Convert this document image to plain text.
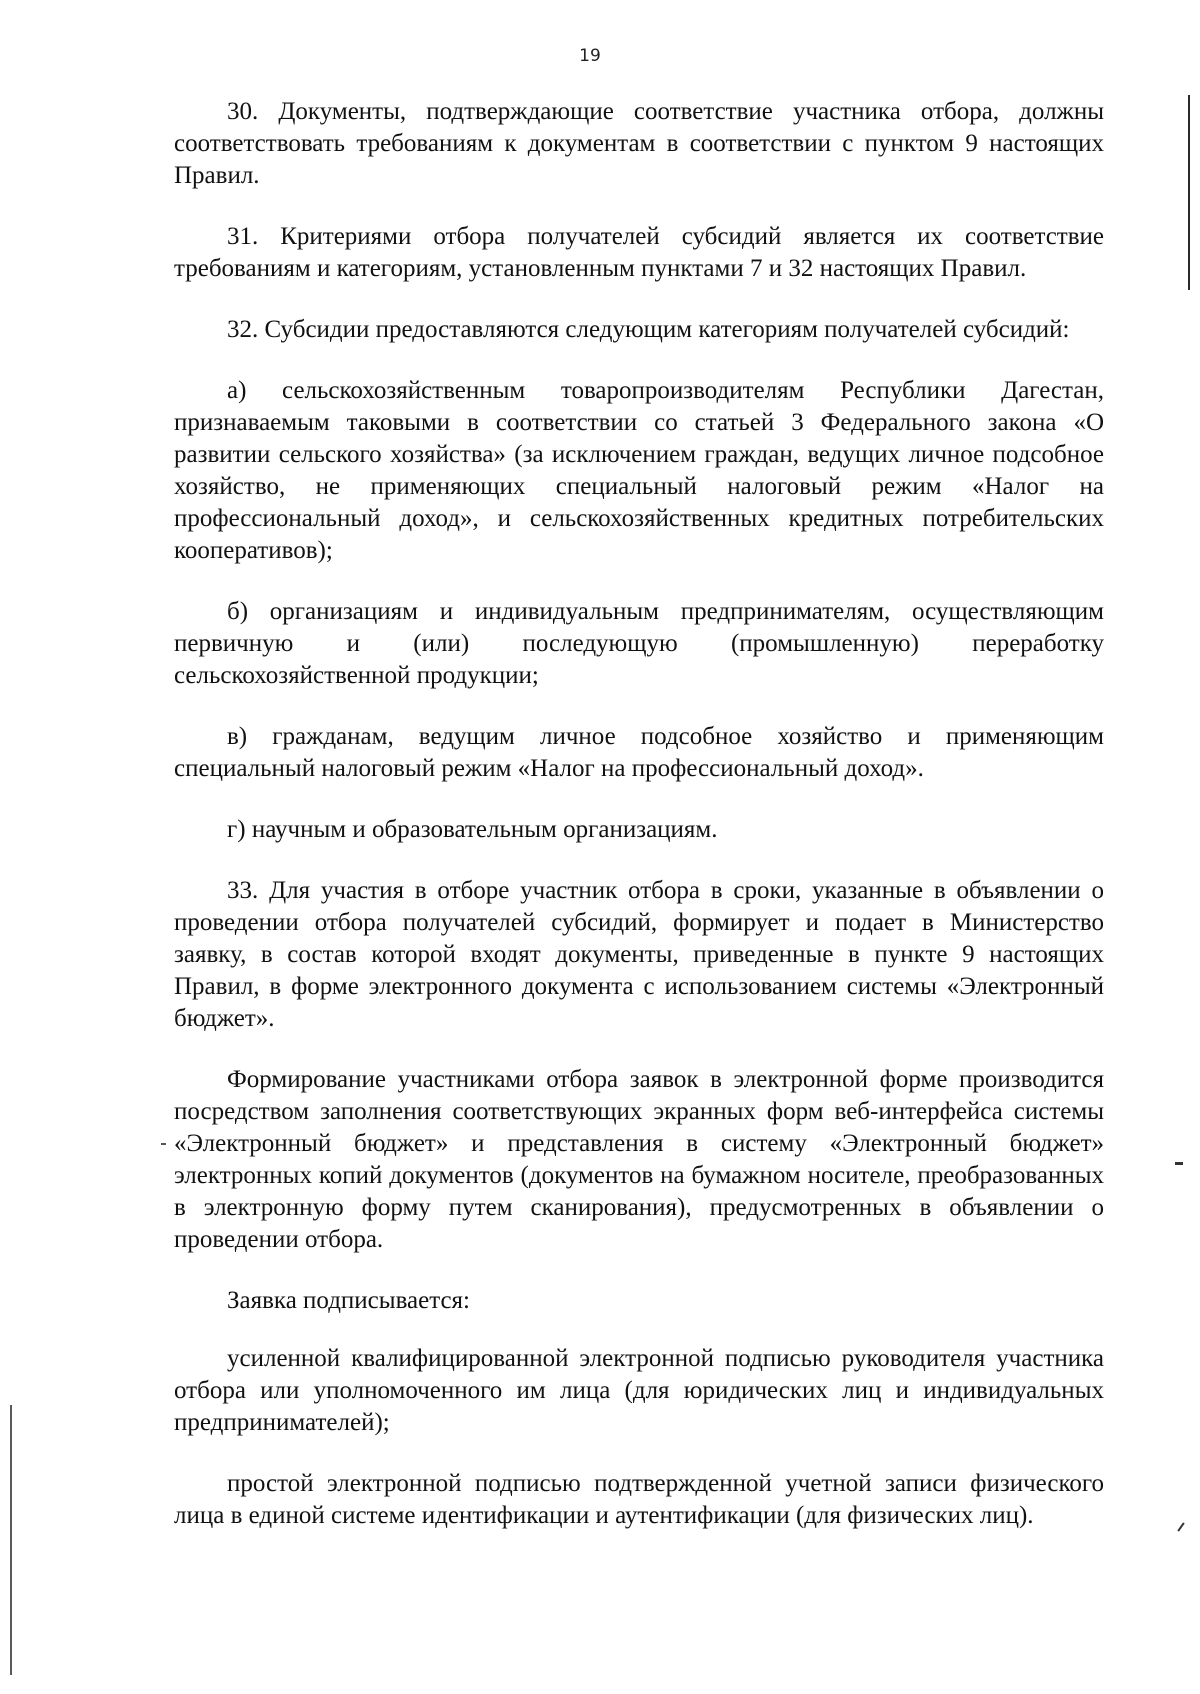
19

30. Документы, подтверждающие соответствие участника отбора, должны соответствовать требованиям к документам в соответствии с пунктом 9 настоящих Правил.

31. Критериями отбора получателей субсидий является их соответствие требованиям и категориям, установленным пунктами 7 и 32 настоящих Правил.

32. Субсидии предоставляются следующим категориям получателей субсидий:

а) сельскохозяйственным товаропроизводителям Республики Дагестан, признаваемым таковыми в соответствии со статьей 3 Федерального закона «О развитии сельского хозяйства» (за исключением граждан, ведущих личное подсобное хозяйство, не применяющих специальный налоговый режим «Налог на профессиональный доход», и сельскохозяйственных кредитных потребительских кооперативов);

б) организациям и индивидуальным предпринимателям, осуществляющим первичную и (или) последующую (промышленную) переработку сельскохозяйственной продукции;

в) гражданам, ведущим личное подсобное хозяйство и применяющим специальный налоговый режим «Налог на профессиональный доход».

г) научным и образовательным организациям.

33. Для участия в отборе участник отбора в сроки, указанные в объявлении о проведении отбора получателей субсидий, формирует и подает в Министерство заявку, в состав которой входят документы, приведенные в пункте 9 настоящих Правил, в форме электронного документа с использованием системы «Электронный бюджет».

Формирование участниками отбора заявок в электронной форме производится посредством заполнения соответствующих экранных форм веб-интерфейса системы «Электронный бюджет» и представления в систему «Электронный бюджет» электронных копий документов (документов на бумажном носителе, преобразованных в электронную форму путем сканирования), предусмотренных в объявлении о проведении отбора.

Заявка подписывается:

усиленной квалифицированной электронной подписью руководителя участника отбора или уполномоченного им лица (для юридических лиц и индивидуальных предпринимателей);

простой электронной подписью подтвержденной учетной записи физического лица в единой системе идентификации и аутентификации (для физических лиц).
